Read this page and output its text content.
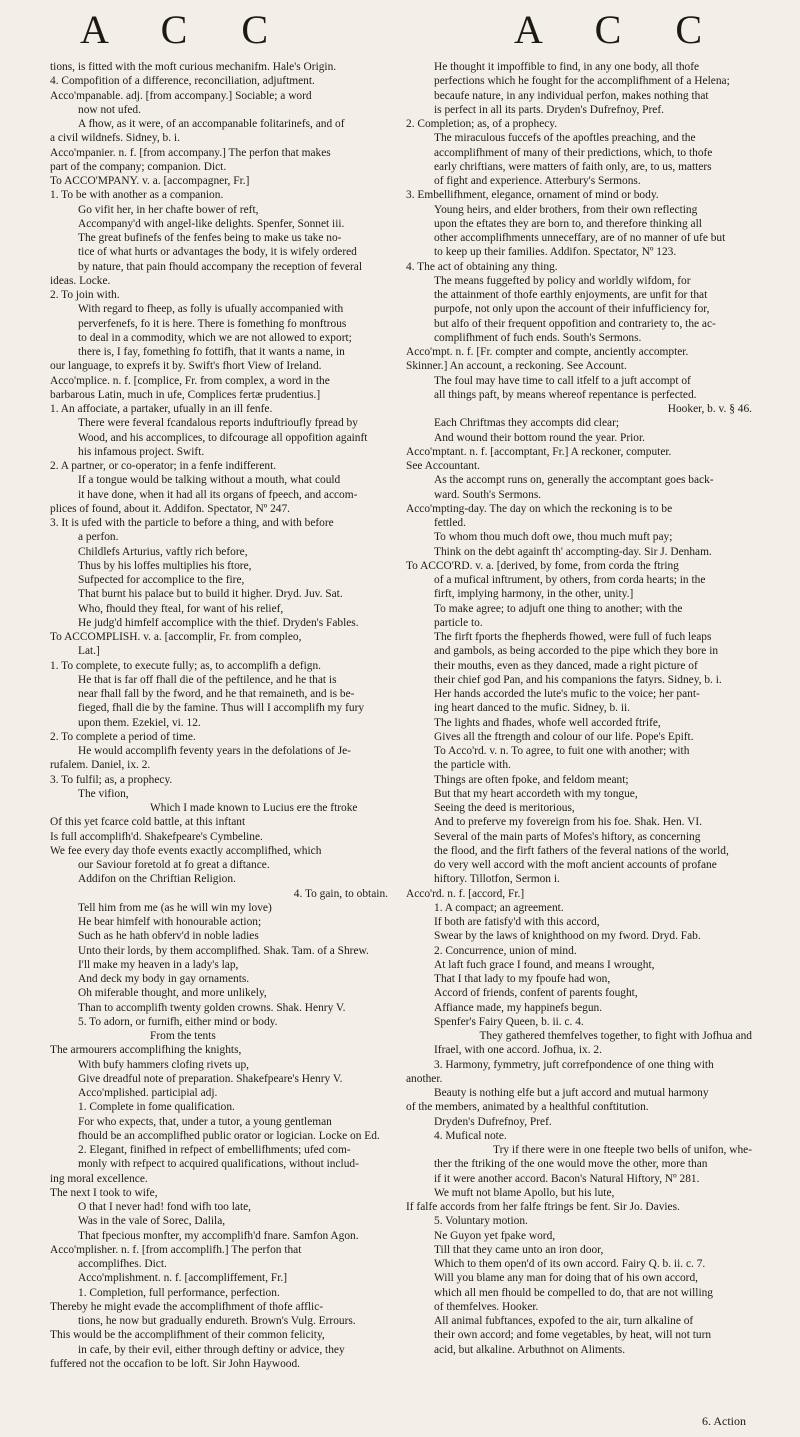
A C C	A C C

tions, is fitted with the moft curious mechanifm. Hale's Origin.

4. Compofition of a difference, reconciliation, adjuftment.

Acco'mpanable. adj. [from accompany.] Sociable; a word

now not ufed.

A fhow, as it were, of an accompanable folitarinefs, and of

a civil wildnefs. Sidney, b. i.

Acco'mpanier. n. f. [from accompany.] The perfon that makes

part of the company; companion. Dict.

To ACCO'MPANY. v. a. [accompagner, Fr.]

1. To be with another as a companion.

Go vifit her, in her chafte bower of reft,

Accompany'd with angel-like delights. Spenfer, Sonnet iii.

The great bufinefs of the fenfes being to make us take no-

tice of what hurts or advantages the body, it is wifely ordered

by nature, that pain fhould accompany the reception of feveral

ideas. Locke.

2. To join with.

With regard to fheep, as folly is ufually accompanied with

perverfenefs, fo it is here. There is fomething fo monftrous

to deal in a commodity, which we are not allowed to export;

there is, I fay, fomething fo fottifh, that it wants a name, in

our language, to exprefs it by. Swift's fhort View of Ireland.

Acco'mplice. n. f. [complice, Fr. from complex, a word in the

barbarous Latin, much in ufe, Complices fertæ prudentius.]

1. An affociate, a partaker, ufually in an ill fenfe.

There were feveral fcandalous reports induftrioufly fpread by

Wood, and his accomplices, to difcourage all oppofition againft

his infamous project. Swift.

2. A partner, or co-operator; in a fenfe indifferent.

If a tongue would be talking without a mouth, what could

it have done, when it had all its organs of fpeech, and accom-

plices of found, about it. Addifon. Spectator, Nº 247.

3. It is ufed with the particle to before a thing, and with before

a perfon.

Childlefs Arturius, vaftly rich before,

Thus by his loffes multiplies his ftore,

Sufpected for accomplice to the fire,

That burnt his palace but to build it higher. Dryd. Juv. Sat.

Who, fhould they fteal, for want of his relief,

He judg'd himfelf accomplice with the thief. Dryden's Fables.

To ACCOMPLISH. v. a. [accomplir, Fr. from compleo,

Lat.]

1. To complete, to execute fully; as, to accomplifh a defign.

He that is far off fhall die of the peftilence, and he that is

near fhall fall by the fword, and he that remaineth, and is be-

fieged, fhall die by the famine. Thus will I accomplifh my fury

upon them. Ezekiel, vi. 12.

2. To complete a period of time.

He would accomplifh feventy years in the defolations of Je-

rufalem. Daniel, ix. 2.

3. To fulfil; as, a prophecy.

The vifion,

Which I made known to Lucius ere the ftroke

Of this yet fcarce cold battle, at this inftant

Is full accomplifh'd. Shakefpeare's Cymbeline.

We fee every day thofe events exactly accomplifhed, which

our Saviour foretold at fo great a diftance.

Addifon on the Chriftian Religion.

4. To gain, to obtain.

Tell him from me (as he will win my love)

He bear himfelf with honourable action;

Such as he hath obferv'd in noble ladies

Unto their lords, by them accomplifhed. Shak. Tam. of a Shrew.

I'll make my heaven in a lady's lap,

And deck my body in gay ornaments.

Oh miferable thought, and more unlikely,

Than to accomplifh twenty golden crowns. Shak. Henry V.

5. To adorn, or furnifh, either mind or body.

From the tents

The armourers accomplifhing the knights,

With bufy hammers clofing rivets up,

Give dreadful note of preparation. Shakefpeare's Henry V.

Acco'mplished. participial adj.

1. Complete in fome qualification.

For who expects, that, under a tutor, a young gentleman

fhould be an accomplifhed public orator or logician. Locke on Ed.

2. Elegant, finifhed in refpect of embellifhments; ufed com-

monly with refpect to acquired qualifications, without includ-

ing moral excellence.

The next I took to wife,

O that I never had! fond wifh too late,

Was in the vale of Sorec, Dalila,

That fpecious monfter, my accomplifh'd fnare. Samfon Agon.

Acco'mplisher. n. f. [from accomplifh.] The perfon that

accomplifhes. Dict.

Acco'mplishment. n. f. [accompliffement, Fr.]

1. Completion, full performance, perfection.

Thereby he might evade the accomplifhment of thofe afflic-

tions, he now but gradually endureth. Brown's Vulg. Errours.

This would be the accomplifhment of their common felicity,

in cafe, by their evil, either through deftiny or advice, they

fuffered not the occafion to be loft. Sir John Haywood.

He thought it impoffible to find, in any one body, all thofe

perfections which he fought for the accomplifhment of a Helena;

becaufe nature, in any individual perfon, makes nothing that

is perfect in all its parts. Dryden's Dufrefnoy, Pref.

2. Completion; as, of a prophecy.

The miraculous fuccefs of the apoftles preaching, and the

accomplifhment of many of their predictions, which, to thofe

early chriftians, were matters of faith only, are, to us, matters

of fight and experience. Atterbury's Sermons.

3. Embellifhment, elegance, ornament of mind or body.

Young heirs, and elder brothers, from their own reflecting

upon the eftates they are born to, and therefore thinking all

other accomplifhments unneceffary, are of no manner of ufe but

to keep up their families. Addifon. Spectator, Nº 123.

4. The act of obtaining any thing.

The means fuggefted by policy and worldly wifdom, for

the attainment of thofe earthly enjoyments, are unfit for that

purpofe, not only upon the account of their infufficiency for,

but alfo of their frequent oppofition and contrariety to, the ac-

complifhment of fuch ends. South's Sermons.

Acco'mpt. n. f. [Fr. compter and compte, anciently accompter.

Skinner.] An account, a reckoning. See Account.

The foul may have time to call itfelf to a juft accompt of

all things paft, by means whereof repentance is perfected.

Hooker, b. v. § 46.

Each Chriftmas they accompts did clear;

And wound their bottom round the year. Prior.

Acco'mptant. n. f. [accomptant, Fr.] A reckoner, computer.

See Accountant.

As the accompt runs on, generally the accomptant goes back-

ward. South's Sermons.

Acco'mpting-day. The day on which the reckoning is to be

fettled.

To whom thou much doft owe, thou much muft pay;

Think on the debt againft th' accompting-day. Sir J. Denham.

To ACCO'RD. v. a. [derived, by fome, from corda the ftring

of a mufical inftrument, by others, from corda hearts; in the

firft, implying harmony, in the other, unity.]

To make agree; to adjuft one thing to another; with the

particle to.

The firft fports the fhepherds fhowed, were full of fuch leaps

and gambols, as being accorded to the pipe which they bore in

their mouths, even as they danced, made a right picture of

their chief god Pan, and his companions the fatyrs. Sidney, b. i.

Her hands accorded the lute's mufic to the voice; her pant-

ing heart danced to the mufic. Sidney, b. ii.

The lights and fhades, whofe well accorded ftrife,

Gives all the ftrength and colour of our life. Pope's Epift.

To Acco'rd. v. n. To agree, to fuit one with another; with

the particle with.

Things are often fpoke, and feldom meant;

But that my heart accordeth with my tongue,

Seeing the deed is meritorious,

And to preferve my fovereign from his foe. Shak. Hen. VI.

Several of the main parts of Mofes's hiftory, as concerning

the flood, and the firft fathers of the feveral nations of the world,

do very well accord with the moft ancient accounts of profane

hiftory. Tillotfon, Sermon i.

Acco'rd. n. f. [accord, Fr.]

1. A compact; an agreement.

If both are fatisfy'd with this accord,

Swear by the laws of knighthood on my fword. Dryd. Fab.

2. Concurrence, union of mind.

At laft fuch grace I found, and means I wrought,

That I that lady to my fpoufe had won,

Accord of friends, confent of parents fought,

Affiance made, my happinefs begun.

Spenfer's Fairy Queen, b. ii. c. 4.

They gathered themfelves together, to fight with Jofhua and

Ifrael, with one accord. Jofhua, ix. 2.

3. Harmony, fymmetry, juft correfpondence of one thing with

another.

Beauty is nothing elfe but a juft accord and mutual harmony

of the members, animated by a healthful conftitution.

Dryden's Dufrefnoy, Pref.

4. Mufical note.

Try if there were in one fteeple two bells of unifon, whe-

ther the ftriking of the one would move the other, more than

if it were another accord. Bacon's Natural Hiftory, Nº 281.

We muft not blame Apollo, but his lute,

If falfe accords from her falfe ftrings be fent. Sir Jo. Davies.

5. Voluntary motion.

Ne Guyon yet fpake word,

Till that they came unto an iron door,

Which to them open'd of its own accord. Fairy Q. b. ii. c. 7.

Will you blame any man for doing that of his own accord,

which all men fhould be compelled to do, that are not willing

of themfelves. Hooker.

All animal fubftances, expofed to the air, turn alkaline of

their own accord; and fome vegetables, by heat, will not turn

acid, but alkaline. Arbuthnot on Aliments.

6. Action
